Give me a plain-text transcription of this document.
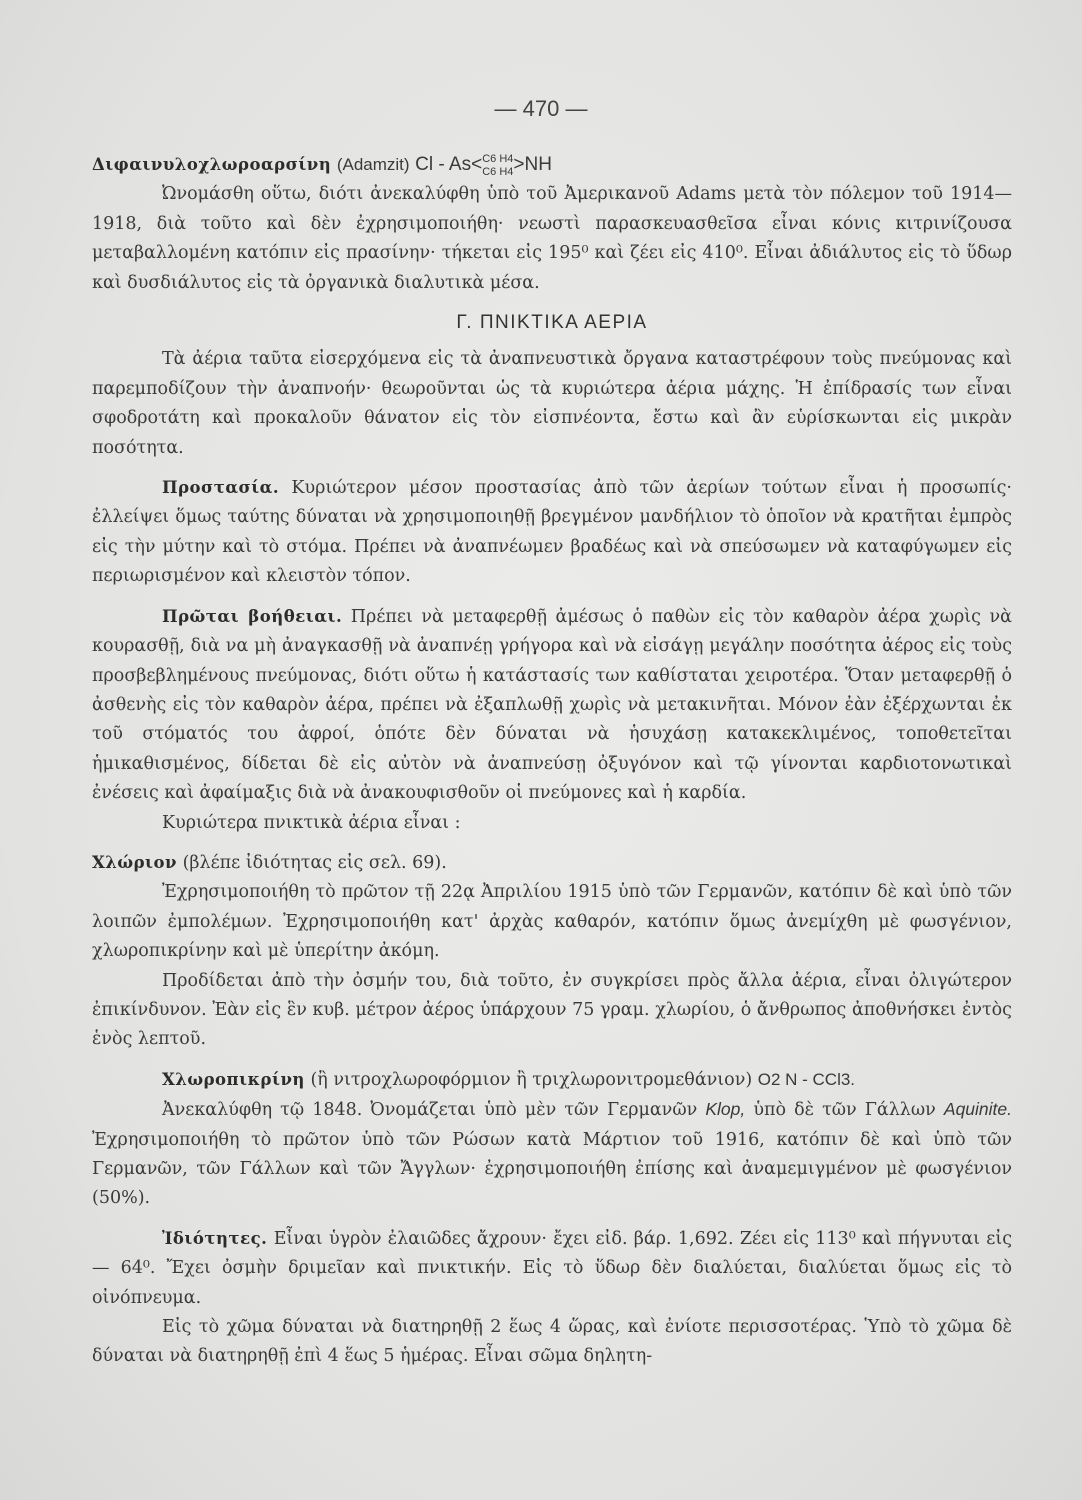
— 470 —

Διφαινυλοχλωροαρσίνη (Adamzit) Cl - As< C6 H4
C6 H4 >NH

Ὠνομάσθη οὕτω, διότι ἀνεκαλύφθη ὑπὸ τοῦ Ἀμερικανοῦ Adams μετὰ τὸν πόλεμον τοῦ 1914—1918, διὰ τοῦτο καὶ δὲν ἐχρησιμοποιήθη· νεωστὶ παρασκευασθεῖσα εἶναι κόνις κιτρινίζουσα μεταβαλλομένη κατόπιν εἰς πρασίνην· τήκεται εἰς 195⁰ καὶ ζέει εἰς 410⁰. Εἶναι ἀδιάλυτος εἰς τὸ ὕδωρ καὶ δυσδιάλυτος εἰς τὰ ὀργανικὰ διαλυτικὰ μέσα.

Γ. ΠΝΙΚΤΙΚΑ ΑΕΡΙΑ

Τὰ ἀέρια ταῦτα εἰσερχόμενα εἰς τὰ ἀναπνευστικὰ ὄργανα καταστρέφουν τοὺς πνεύμονας καὶ παρεμποδίζουν τὴν ἀναπνοήν· θεωροῦνται ὡς τὰ κυριώτερα ἀέρια μάχης. Ἡ ἐπίδρασίς των εἶναι σφοδροτάτη καὶ προκαλοῦν θάνατον εἰς τὸν εἰσπνέοντα, ἔστω καὶ ἂν εὑρίσκωνται εἰς μικρὰν ποσότητα.

Προστασία. Κυριώτερον μέσον προστασίας ἀπὸ τῶν ἀερίων τούτων εἶναι ἡ προσωπίς· ἐλλείψει ὅμως ταύτης δύναται νὰ χρησιμοποιηθῇ βρεγμένον μανδήλιον τὸ ὁποῖον νὰ κρατῆται ἐμπρὸς εἰς τὴν μύτην καὶ τὸ στόμα. Πρέπει νὰ ἀναπνέωμεν βραδέως καὶ νὰ σπεύσωμεν νὰ καταφύγωμεν εἰς περιωρισμένον καὶ κλειστὸν τόπον.

Πρῶται βοήθειαι. Πρέπει νὰ μεταφερθῇ ἀμέσως ὁ παθὼν εἰς τὸν καθαρὸν ἀέρα χωρὶς νὰ κουρασθῇ, διὰ να μὴ ἀναγκασθῇ νὰ ἀναπνέῃ γρήγορα καὶ νὰ εἰσάγῃ μεγάλην ποσότητα ἀέρος εἰς τοὺς προσβεβλημένους πνεύμονας, διότι οὕτω ἡ κατάστασίς των καθίσταται χειροτέρα. Ὅταν μεταφερθῇ ὁ ἀσθενὴς εἰς τὸν καθαρὸν ἀέρα, πρέπει νὰ ἐξαπλωθῇ χωρὶς νὰ μετακινῆται. Μόνον ἐὰν ἐξέρχωνται ἐκ τοῦ στόματός του ἀφροί, ὁπότε δὲν δύναται νὰ ἡσυχάσῃ κατακεκλιμένος, τοποθετεῖται ἡμικαθισμένος, δίδεται δὲ εἰς αὐτὸν νὰ ἀναπνεύσῃ ὀξυγόνον καὶ τῷ γίνονται καρδιοτονωτικαὶ ἐνέσεις καὶ ἀφαίμαξις διὰ νὰ ἀνακουφισθοῦν οἱ πνεύμονες καὶ ἡ καρδία.

Κυριώτερα πνικτικὰ ἀέρια εἶναι :

Χλώριον (βλέπε ἰδιότητας εἰς σελ. 69).

Ἐχρησιμοποιήθη τὸ πρῶτον τῇ 22ᾳ Ἀπριλίου 1915 ὑπὸ τῶν Γερμανῶν, κατόπιν δὲ καὶ ὑπὸ τῶν λοιπῶν ἐμπολέμων. Ἐχρησιμοποιήθη κατ' ἀρχὰς καθαρόν, κατόπιν ὅμως ἀνεμίχθη μὲ φωσγένιον, χλωροπικρίνην καὶ μὲ ὑπερίτην ἀκόμη.

Προδίδεται ἀπὸ τὴν ὀσμήν του, διὰ τοῦτο, ἐν συγκρίσει πρὸς ἄλλα ἀέρια, εἶναι ὀλιγώτερον ἐπικίνδυνον. Ἐὰν εἰς ἓν κυβ. μέτρον ἀέρος ὑπάρχουν 75 γραμ. χλωρίου, ὁ ἄνθρωπος ἀποθνήσκει ἐντὸς ἑνὸς λεπτοῦ.

Χλωροπικρίνη (ἢ νιτροχλωροφόρμιον ἢ τριχλωρονιτρομεθάνιον) O2 N - CCl3.

Ἀνεκαλύφθη τῷ 1848. Ὀνομάζεται ὑπὸ μὲν τῶν Γερμανῶν Klop, ὑπὸ δὲ τῶν Γάλλων Aquinite. Ἐχρησιμοποιήθη τὸ πρῶτον ὑπὸ τῶν Ρώσων κατὰ Μάρτιον τοῦ 1916, κατόπιν δὲ καὶ ὑπὸ τῶν Γερμανῶν, τῶν Γάλλων καὶ τῶν Ἄγγλων· ἐχρησιμοποιήθη ἐπίσης καὶ ἀναμεμιγμένον μὲ φωσγένιον (50%).

Ἰδιότητες. Εἶναι ὑγρὸν ἐλαιῶδες ἄχρουν· ἔχει εἰδ. βάρ. 1,692. Ζέει εἰς 113⁰ καὶ πήγνυται εἰς — 64⁰. Ἔχει ὀσμὴν δριμεῖαν καὶ πνικτικήν. Εἰς τὸ ὕδωρ δὲν διαλύεται, διαλύεται ὅμως εἰς τὸ οἰνόπνευμα.

Εἰς τὸ χῶμα δύναται νὰ διατηρηθῇ 2 ἕως 4 ὥρας, καὶ ἐνίοτε περισσοτέρας. Ὑπὸ τὸ χῶμα δὲ δύναται νὰ διατηρηθῇ ἐπὶ 4 ἕως 5 ἡμέρας. Εἶναι σῶμα δηλητη-
